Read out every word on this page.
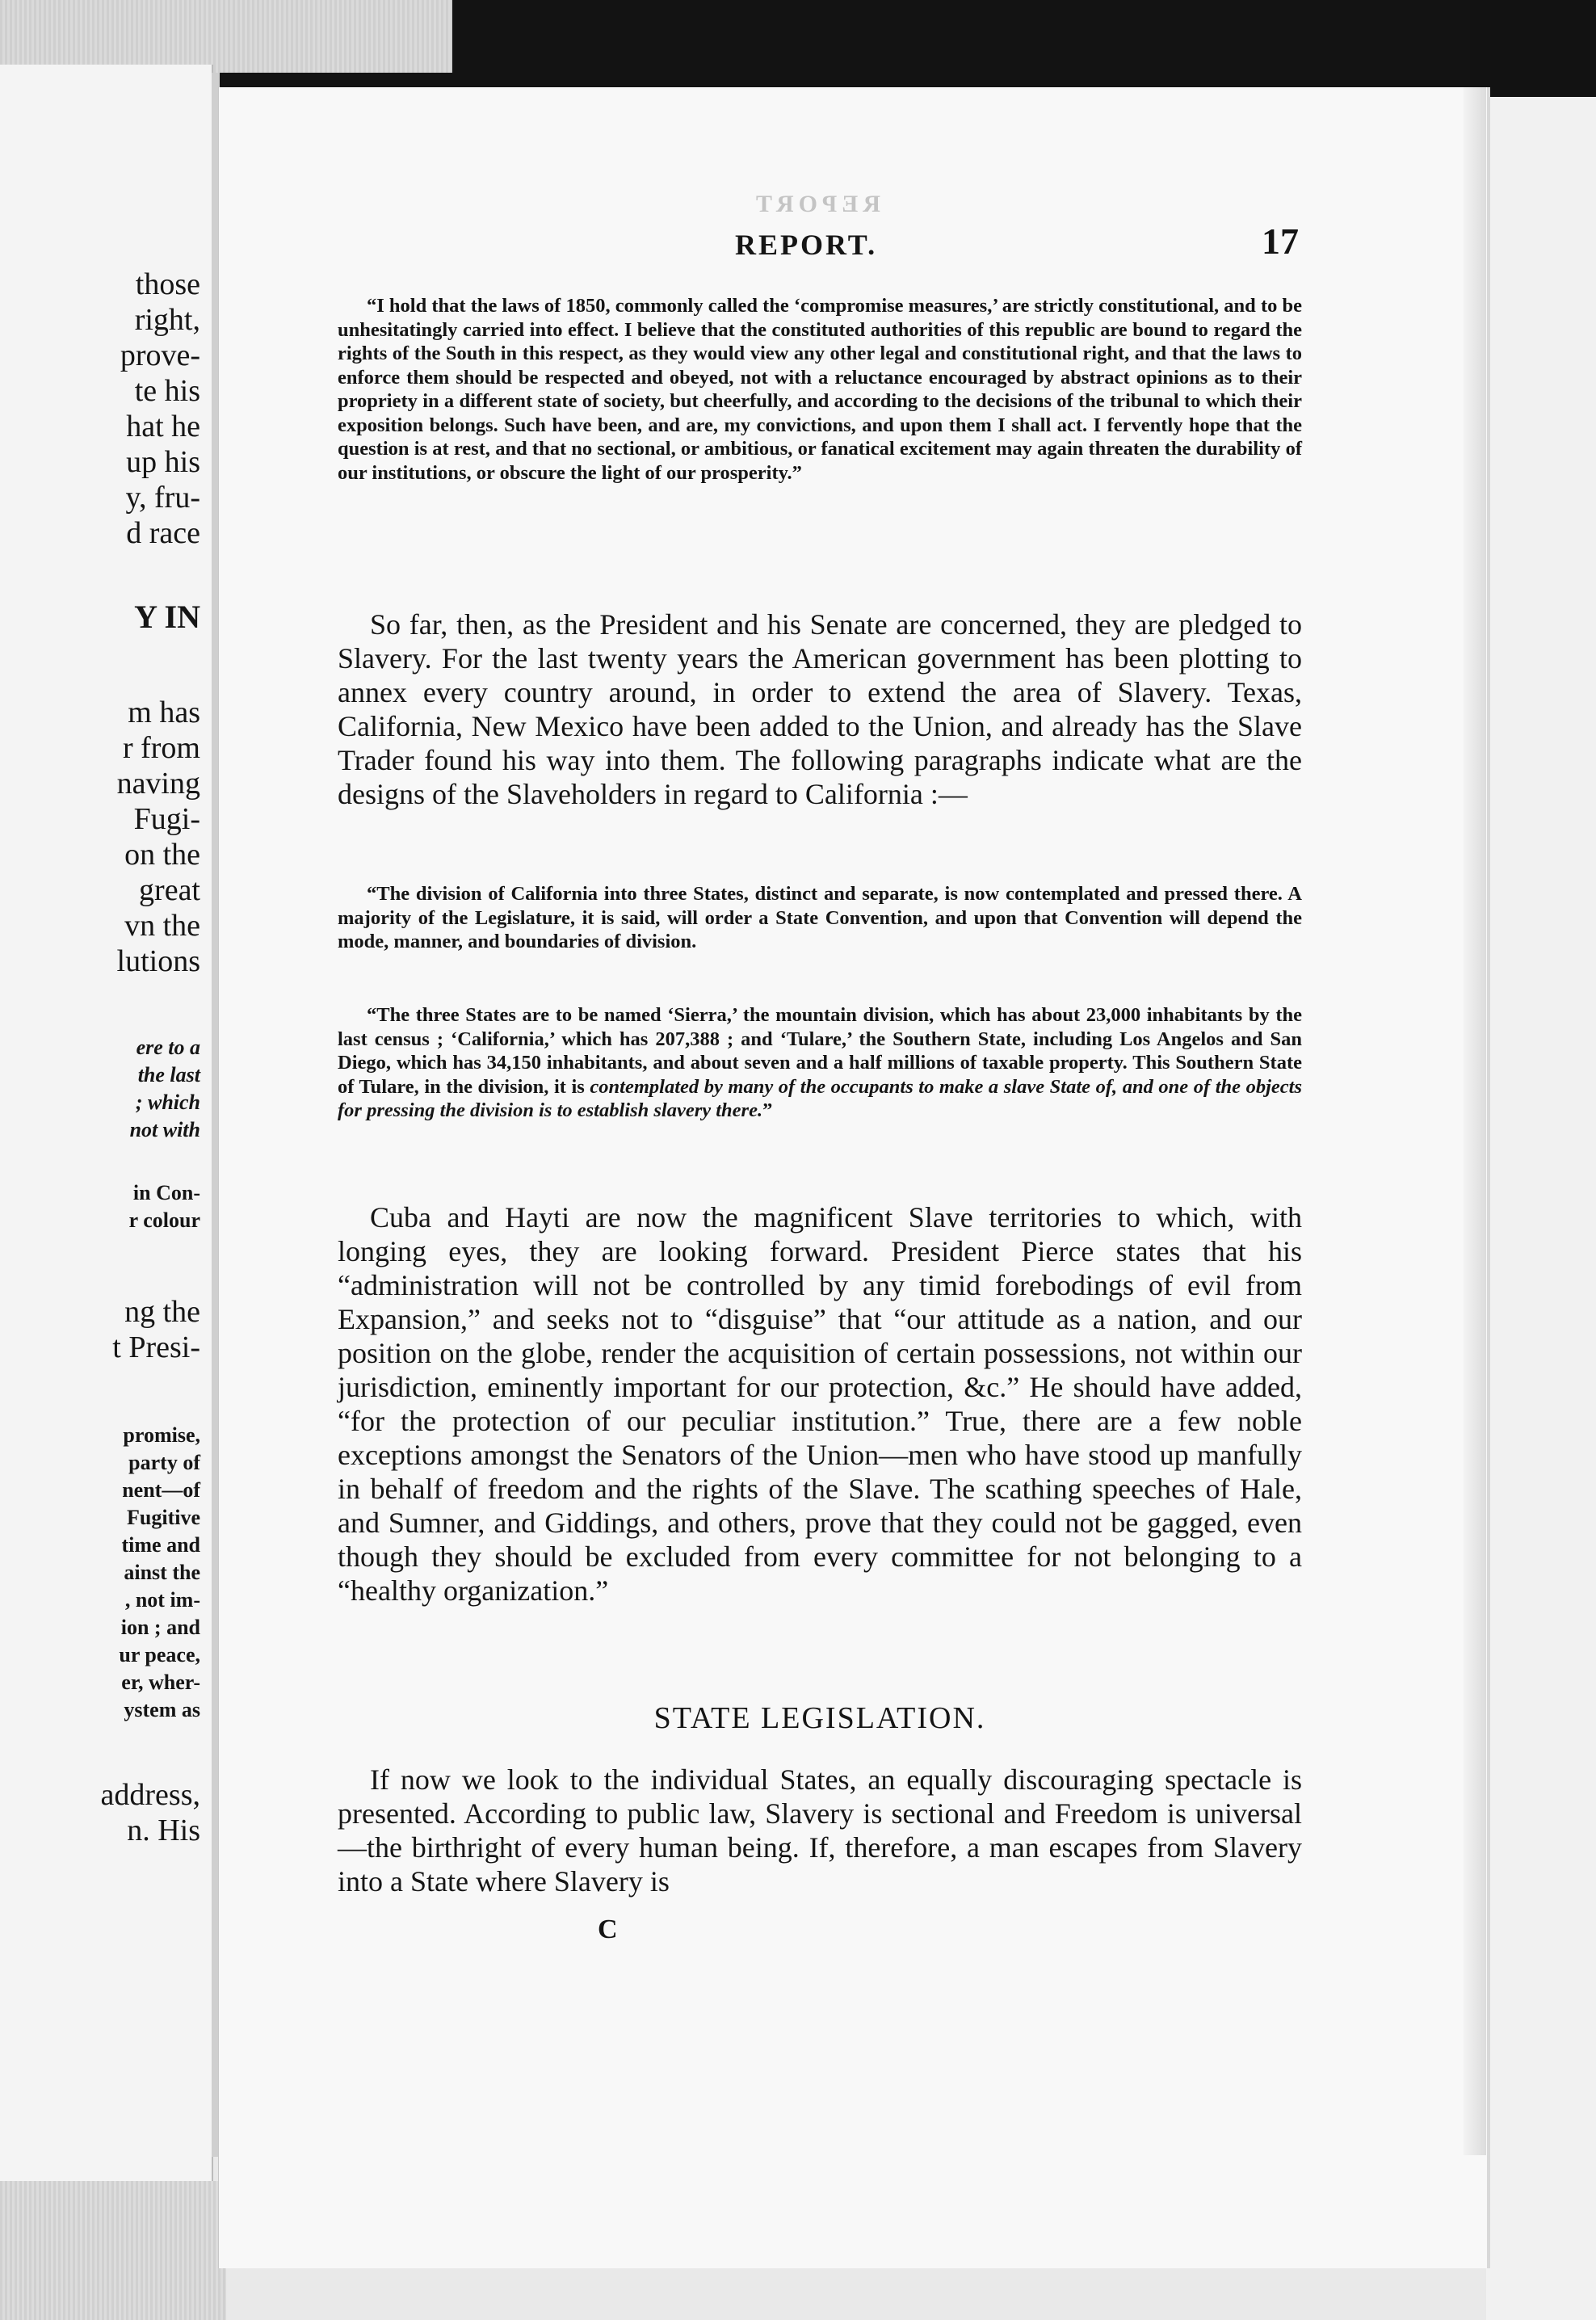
those
right,
prove-
te his
hat he
up his
y, fru-
d race
Y IN
m has
r from
naving
Fugi-
on the
great
vn the
lutions
ere to a
the last
; which
not with
in Con-
r colour
ng the
t Presi-
promise,
party of
nent—of
Fugitive
time and
ainst the
, not im-
ion ; and
ur peace,
er, wher-
ystem as
address,
n. His
REPORT
REPORT.	17

“I hold that the laws of 1850, commonly called the ‘compromise measures,’ are strictly constitutional, and to be unhesitatingly carried into effect. I believe that the constituted authorities of this republic are bound to regard the rights of the South in this respect, as they would view any other legal and constitutional right, and that the laws to enforce them should be respected and obeyed, not with a reluctance encouraged by abstract opinions as to their propriety in a different state of society, but cheerfully, and according to the decisions of the tribunal to which their exposition belongs. Such have been, and are, my convictions, and upon them I shall act. I fervently hope that the question is at rest, and that no sectional, or ambitious, or fanatical excitement may again threaten the durability of our institutions, or obscure the light of our prosperity.”

So far, then, as the President and his Senate are concerned, they are pledged to Slavery. For the last twenty years the American government has been plotting to annex every country around, in order to extend the area of Slavery. Texas, California, New Mexico have been added to the Union, and already has the Slave Trader found his way into them. The following paragraphs indicate what are the designs of the Slaveholders in regard to California :—

“The division of California into three States, distinct and separate, is now contemplated and pressed there. A majority of the Legislature, it is said, will order a State Convention, and upon that Convention will depend the mode, manner, and boundaries of division.

“The three States are to be named ‘Sierra,’ the mountain division, which has about 23,000 inhabitants by the last census ; ‘California,’ which has 207,388 ; and ‘Tulare,’ the Southern State, including Los Angelos and San Diego, which has 34,150 inhabitants, and about seven and a half millions of taxable property. This Southern State of Tulare, in the division, it is contemplated by many of the occupants to make a slave State of, and one of the objects for pressing the division is to establish slavery there.”

Cuba and Hayti are now the magnificent Slave territories to which, with longing eyes, they are looking forward. President Pierce states that his “administration will not be controlled by any timid forebodings of evil from Expansion,” and seeks not to “disguise” that “our attitude as a nation, and our position on the globe, render the acquisition of certain possessions, not within our jurisdiction, eminently important for our protection, &c.” He should have added, “for the protection of our peculiar institution.” True, there are a few noble exceptions amongst the Senators of the Union—men who have stood up manfully in behalf of freedom and the rights of the Slave. The scathing speeches of Hale, and Sumner, and Giddings, and others, prove that they could not be gagged, even though they should be excluded from every committee for not belonging to a “healthy organization.”

STATE LEGISLATION.

If now we look to the individual States, an equally discouraging spectacle is presented. According to public law, Slavery is sectional and Freedom is universal—the birthright of every human being. If, therefore, a man escapes from Slavery into a State where Slavery is

C
